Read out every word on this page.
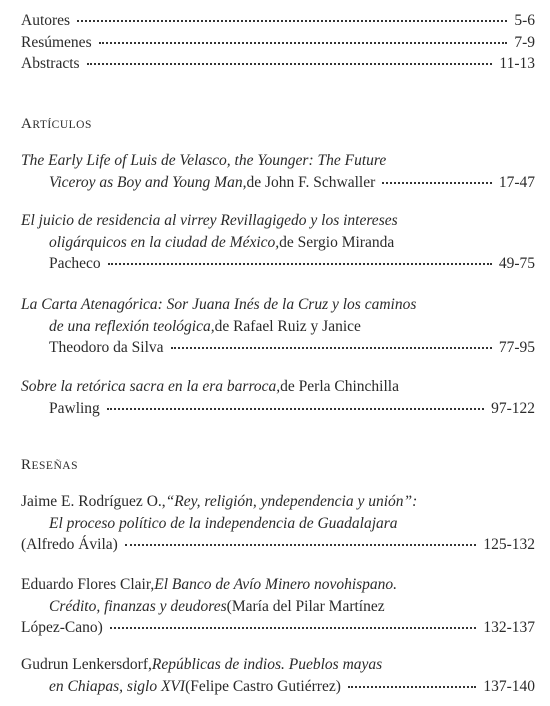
Autores	5-6
Resúmenes	7-9
Abstracts	11-13
ARTÍCULOS
The Early Life of Luis de Velasco, the Younger: The Future
Viceroy as Boy and Young Man, de John F. Schwaller	17-47
El juicio de residencia al virrey Revillagigedo y los intereses
oligárquicos en la ciudad de México, de Sergio Miranda
Pacheco	49-75
La Carta Atenagórica: Sor Juana Inés de la Cruz y los caminos
de una reflexión teológica, de Rafael Ruiz y Janice
Theodoro da Silva	77-95
Sobre la retórica sacra en la era barroca, de Perla Chinchilla
Pawling	97-122
RESEÑAS
Jaime E. Rodríguez O., “Rey, religión, yndependencia y unión”:
El proceso político de la independencia de Guadalajara
(Alfredo Ávila)	125-132
Eduardo Flores Clair, El Banco de Avío Minero novohispano.
Crédito, finanzas y deudores (María del Pilar Martínez
López-Cano)	132-137
Gudrun Lenkersdorf, Repúblicas de indios. Pueblos mayas
en Chiapas, siglo XVI (Felipe Castro Gutiérrez)	137-140
